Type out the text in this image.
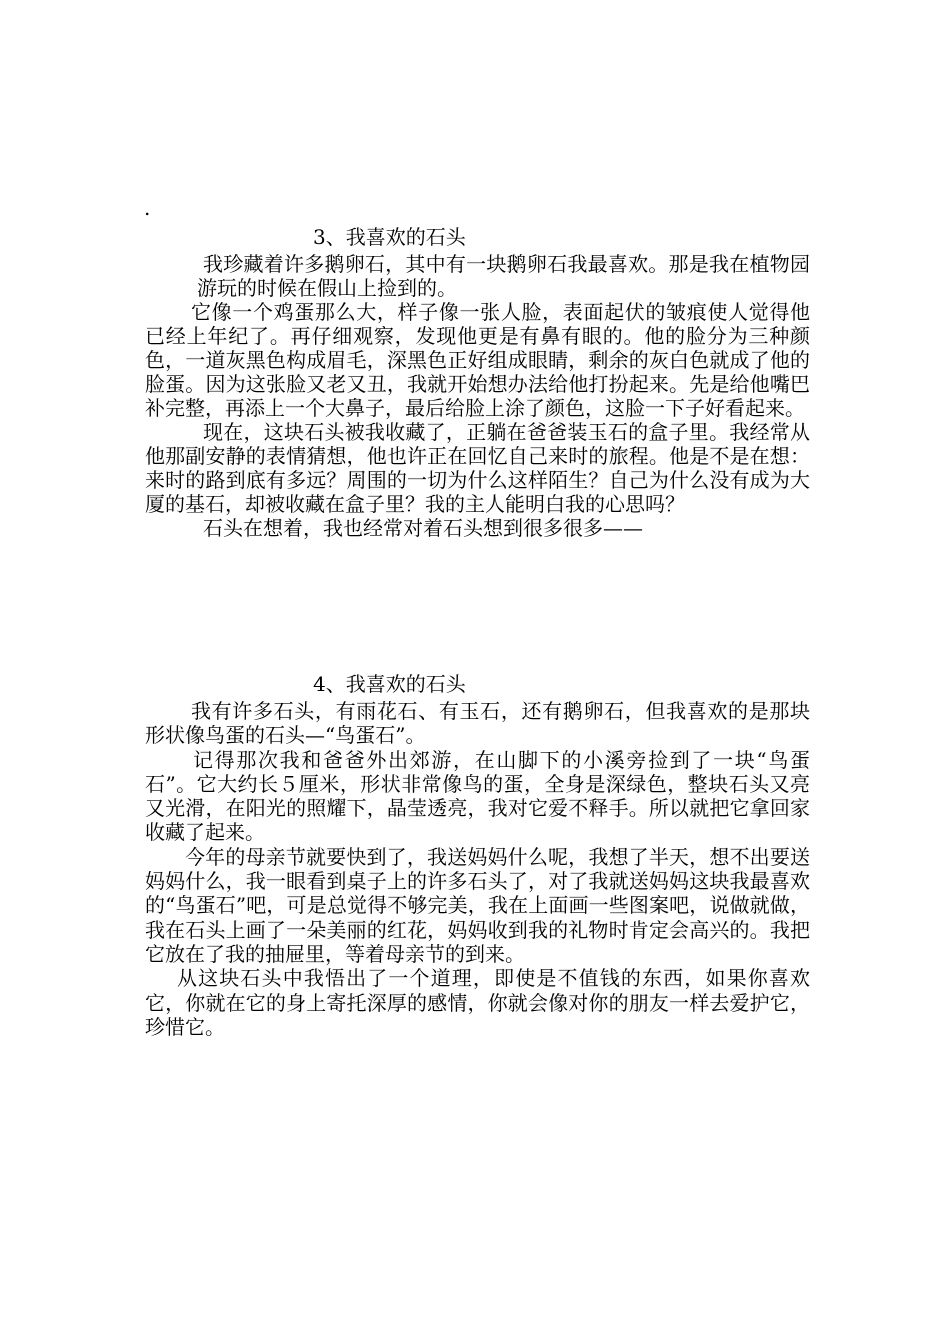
.
3、我喜欢的石头

我珍藏着许多鹅卵石，其中有一块鹅卵石我最喜欢。那是我在植物园游玩的时候在假山上捡到的。

它像一个鸡蛋那么大，样子像一张人脸，表面起伏的皱痕使人觉得他已经上年纪了。再仔细观察，发现他更是有鼻有眼的。他的脸分为三种颜色，一道灰黑色构成眉毛，深黑色正好组成眼睛，剩余的灰白色就成了他的脸蛋。因为这张脸又老又丑，我就开始想办法给他打扮起来。先是给他嘴巴补完整，再添上一个大鼻子，最后给脸上涂了颜色，这脸一下子好看起来。

现在，这块石头被我收藏了，正躺在爸爸装玉石的盒子里。我经常从他那副安静的表情猜想，他也许正在回忆自己来时的旅程。他是不是在想：来时的路到底有多远？周围的一切为什么这样陌生？自己为什么没有成为大厦的基石，却被收藏在盒子里？我的主人能明白我的心思吗？

石头在想着，我也经常对着石头想到很多很多——

4、我喜欢的石头

我有许多石头，有雨花石、有玉石，还有鹅卵石，但我喜欢的是那块形状像鸟蛋的石头—“鸟蛋石”。

记得那次我和爸爸外出郊游，在山脚下的小溪旁捡到了一块“鸟蛋石”。它大约长５厘米，形状非常像鸟的蛋，全身是深绿色，整块石头又亮又光滑，在阳光的照耀下，晶莹透亮，我对它爱不释手。所以就把它拿回家收藏了起来。

今年的母亲节就要快到了，我送妈妈什么呢，我想了半天，想不出要送妈妈什么，我一眼看到桌子上的许多石头了，对了我就送妈妈这块我最喜欢的“鸟蛋石”吧，可是总觉得不够完美，我在上面画一些图案吧，说做就做，我在石头上画了一朵美丽的红花，妈妈收到我的礼物时肯定会高兴的。我把它放在了我的抽屉里，等着母亲节的到来。

从这块石头中我悟出了一个道理，即使是不值钱的东西，如果你喜欢它，你就在它的身上寄托深厚的感情，你就会像对你的朋友一样去爱护它，珍惜它。
